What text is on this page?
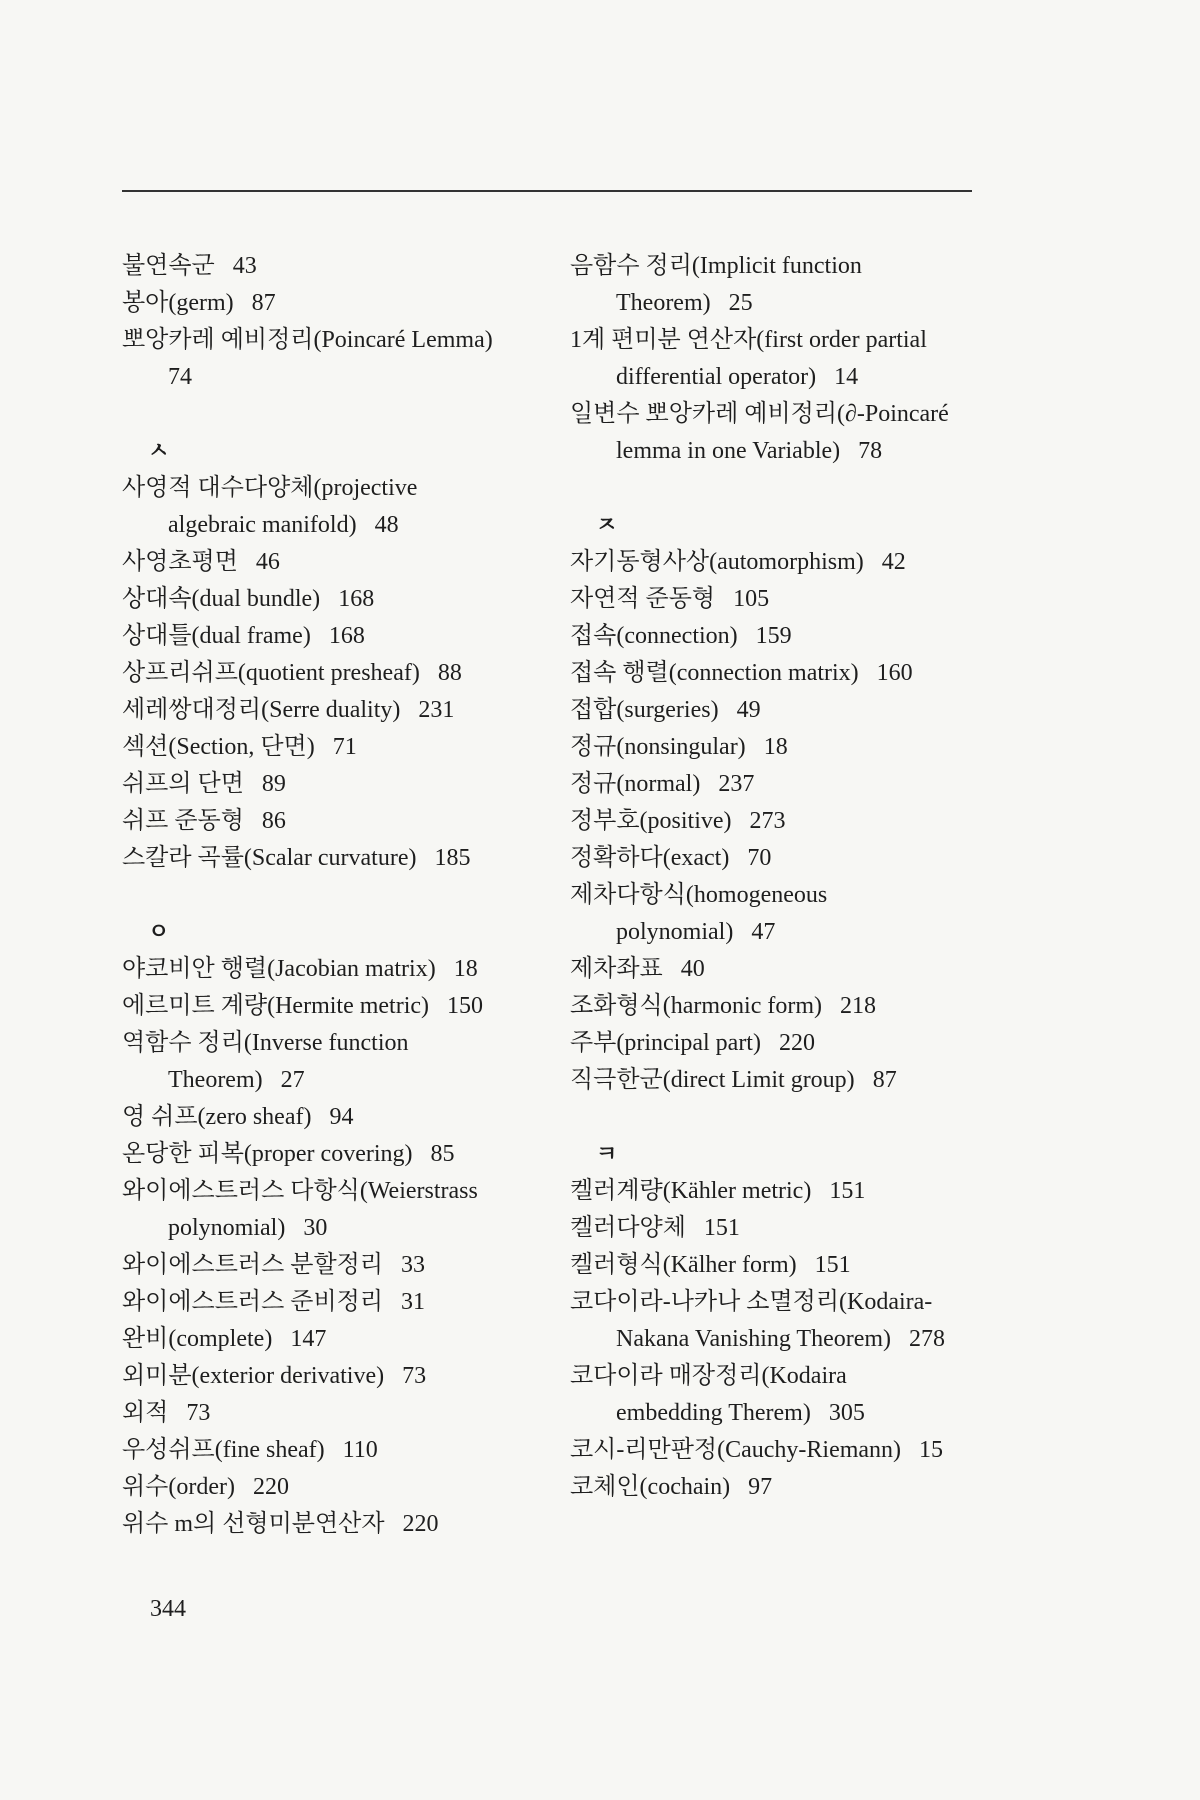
불연속군 43
봉아(germ) 87
뽀앙카레 예비정리(Poincaré Lemma)
74
ㅅ
사영적 대수다양체(projective
algebraic manifold) 48
사영초평면 46
상대속(dual bundle) 168
상대틀(dual frame) 168
상프리쉬프(quotient presheaf) 88
세레쌍대정리(Serre duality) 231
섹션(Section, 단면) 71
쉬프의 단면 89
쉬프 준동형 86
스칼라 곡률(Scalar curvature) 185
ㅇ
야코비안 행렬(Jacobian matrix) 18
에르미트 계량(Hermite metric) 150
역함수 정리(Inverse function
Theorem) 27
영 쉬프(zero sheaf) 94
온당한 피복(proper covering) 85
와이에스트러스 다항식(Weierstrass
polynomial) 30
와이에스트러스 분할정리 33
와이에스트러스 준비정리 31
완비(complete) 147
외미분(exterior derivative) 73
외적 73
우성쉬프(fine sheaf) 110
위수(order) 220
위수 m의 선형미분연산자 220
음함수 정리(Implicit function
Theorem) 25
1계 편미분 연산자(first order partial
differential operator) 14
일변수 뽀앙카레 예비정리(∂-Poincaré
lemma in one Variable) 78
ㅈ
자기동형사상(automorphism) 42
자연적 준동형 105
접속(connection) 159
접속 행렬(connection matrix) 160
접합(surgeries) 49
정규(nonsingular) 18
정규(normal) 237
정부호(positive) 273
정확하다(exact) 70
제차다항식(homogeneous
polynomial) 47
제차좌표 40
조화형식(harmonic form) 218
주부(principal part) 220
직극한군(direct Limit group) 87
ㅋ
켈러계량(Kähler metric) 151
켈러다양체 151
켈러형식(Kälher form) 151
코다이라-나카나 소멸정리(Kodaira-
Nakana Vanishing Theorem) 278
코다이라 매장정리(Kodaira
embedding Therem) 305
코시-리만판정(Cauchy-Riemann) 15
코체인(cochain) 97
344
